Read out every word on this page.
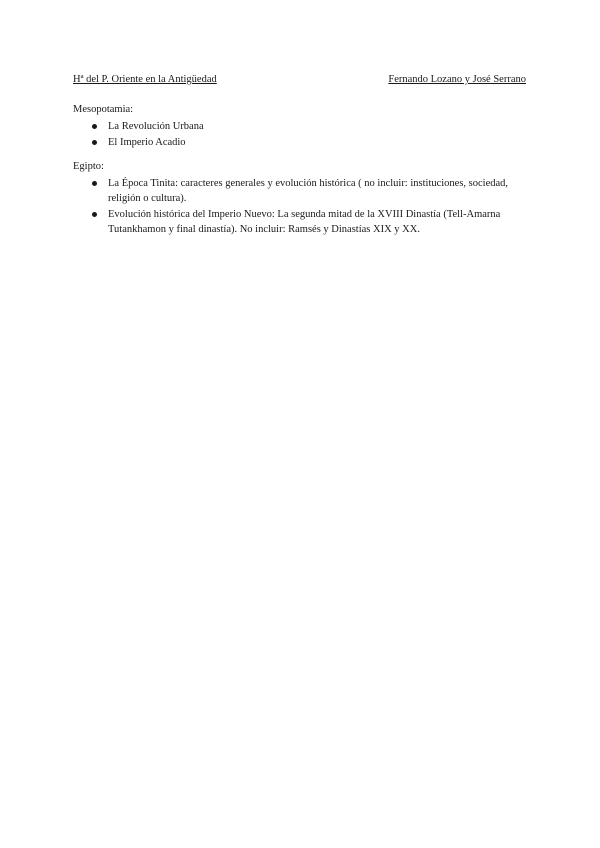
Hª del P. Oriente en la Antigüedad	Fernando Lozano y José Serrano

Mesopotamia:

La Revolución Urbana
El Imperio Acadio

Egipto:

La Época Tinita: caracteres generales y evolución histórica ( no incluir: instituciones, sociedad, religión o cultura).
Evolución histórica del Imperio Nuevo: La segunda mitad de la XVIII Dinastía (Tell-Amarna Tutankhamon y final dinastía). No incluir: Ramsés y Dinastías XIX y XX.
